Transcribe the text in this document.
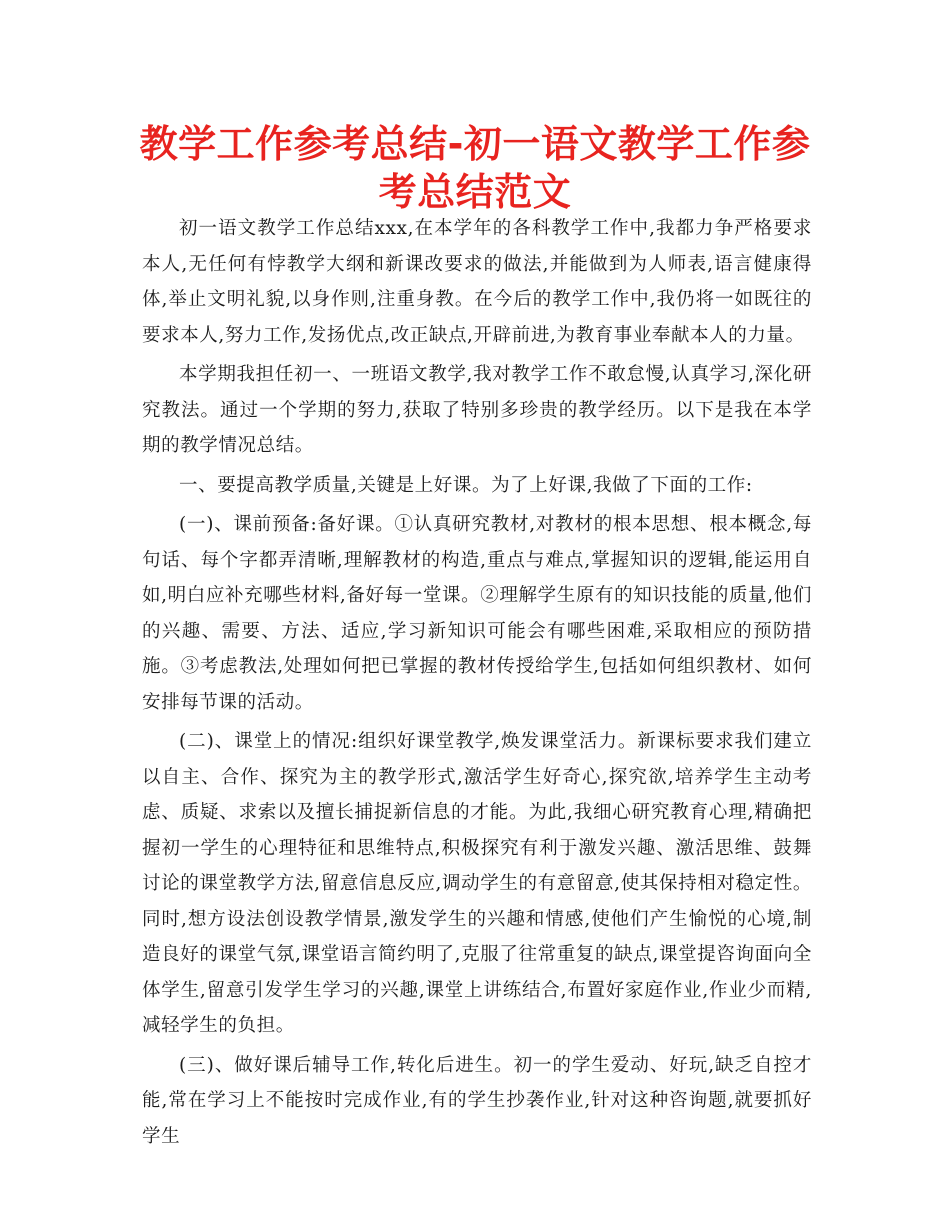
教学工作参考总结-初一语文教学工作参考总结范文

初一语文教学工作总结xxx,在本学年的各科教学工作中,我都力争严格要求本人,无任何有悖教学大纲和新课改要求的做法,并能做到为人师表,语言健康得体,举止文明礼貌,以身作则,注重身教。在今后的教学工作中,我仍将一如既往的要求本人,努力工作,发扬优点,改正缺点,开辟前进,为教育事业奉献本人的力量。

本学期我担任初一、一班语文教学,我对教学工作不敢怠慢,认真学习,深化研究教法。通过一个学期的努力,获取了特别多珍贵的教学经历。以下是我在本学期的教学情况总结。

一、要提高教学质量,关键是上好课。为了上好课,我做了下面的工作:

(一)、课前预备:备好课。①认真研究教材,对教材的根本思想、根本概念,每句话、每个字都弄清晰,理解教材的构造,重点与难点,掌握知识的逻辑,能运用自如,明白应补充哪些材料,备好每一堂课。②理解学生原有的知识技能的质量,他们的兴趣、需要、方法、适应,学习新知识可能会有哪些困难,采取相应的预防措施。③考虑教法,处理如何把已掌握的教材传授给学生,包括如何组织教材、如何安排每节课的活动。

(二)、课堂上的情况:组织好课堂教学,焕发课堂活力。新课标要求我们建立以自主、合作、探究为主的教学形式,激活学生好奇心,探究欲,培养学生主动考虑、质疑、求索以及擅长捕捉新信息的才能。为此,我细心研究教育心理,精确把握初一学生的心理特征和思维特点,积极探究有利于激发兴趣、激活思维、鼓舞讨论的课堂教学方法,留意信息反应,调动学生的有意留意,使其保持相对稳定性。同时,想方设法创设教学情景,激发学生的兴趣和情感,使他们产生愉悦的心境,制造良好的课堂气氛,课堂语言简约明了,克服了往常重复的缺点,课堂提咨询面向全体学生,留意引发学生学习的兴趣,课堂上讲练结合,布置好家庭作业,作业少而精,减轻学生的负担。

(三)、做好课后辅导工作,转化后进生。初一的学生爱动、好玩,缺乏自控才能,常在学习上不能按时完成作业,有的学生抄袭作业,针对这种咨询题,就要抓好学生
